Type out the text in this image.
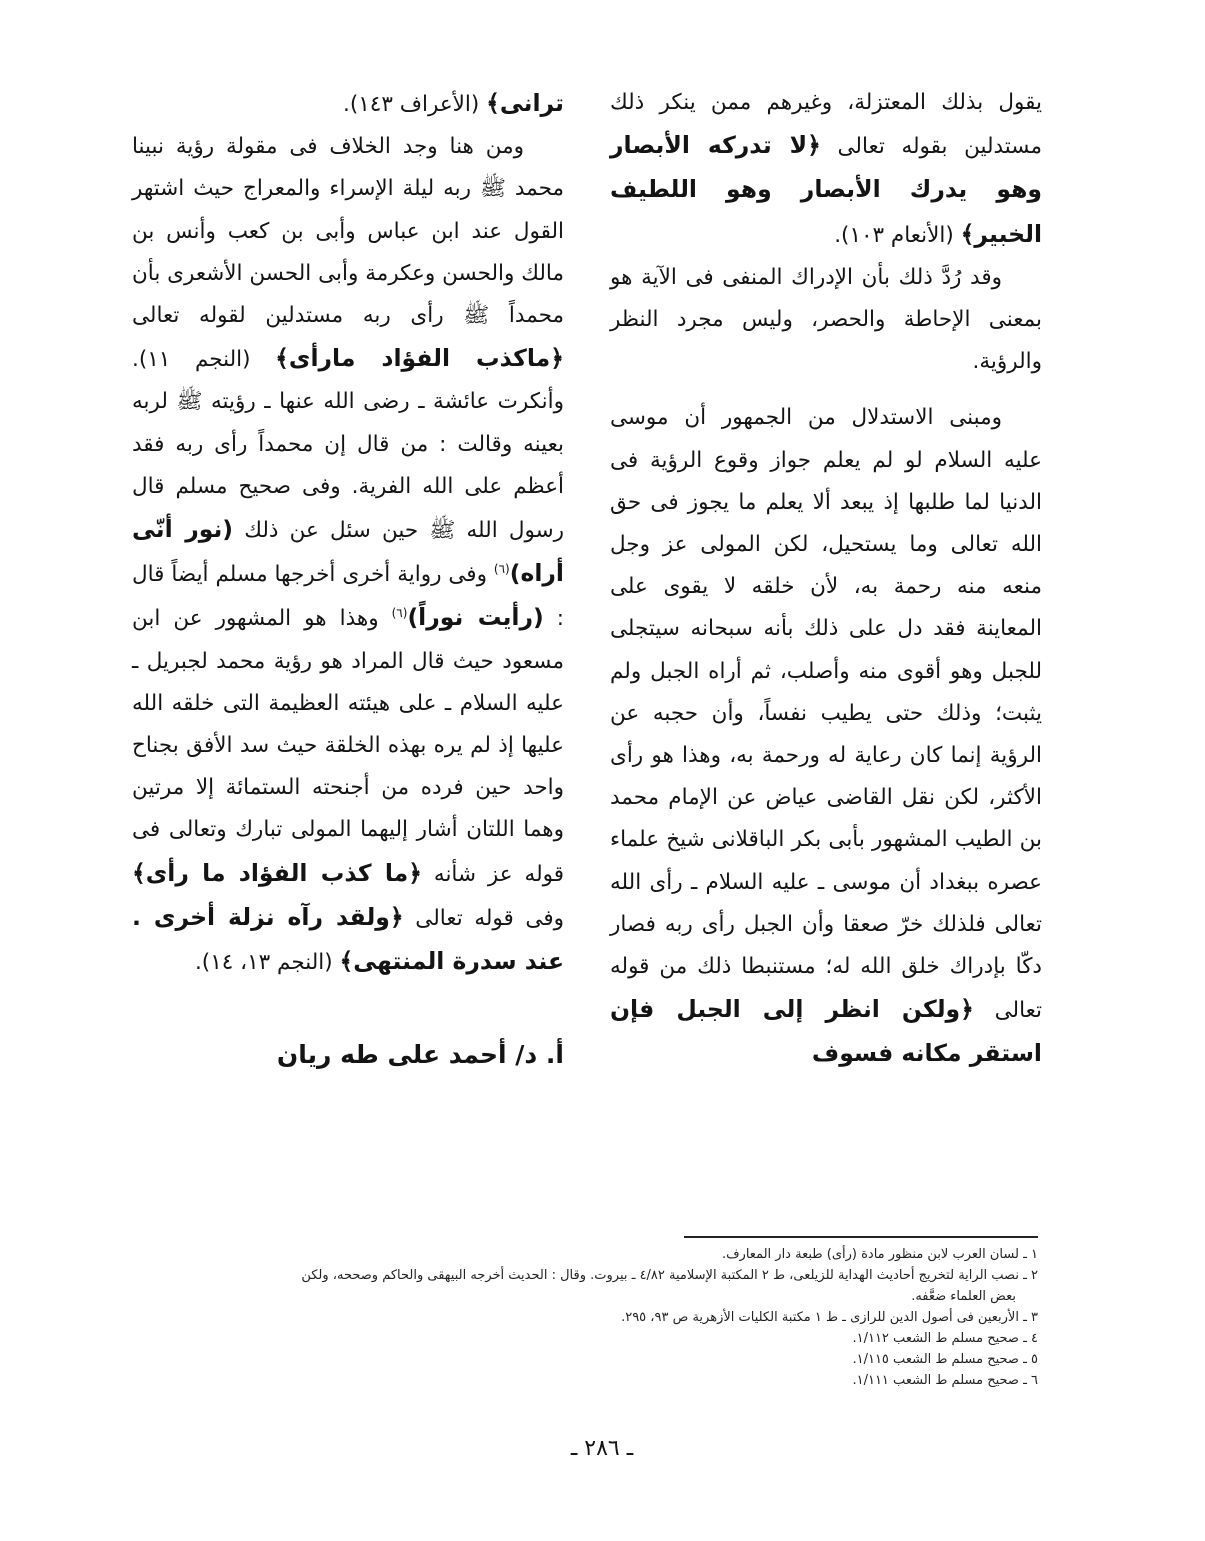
يقول بذلك المعتزلة، وغيرهم ممن ينكر ذلك مستدلين بقوله تعالى ﴿لا تدركه الأبصار وهو يدرك الأبصار وهو اللطيف الخبير﴾ (الأنعام ١٠٣).

وقد رُدَّ ذلك بأن الإدراك المنفى فى الآية هو بمعنى الإحاطة والحصر، وليس مجرد النظر والرؤية.

ومبنى الاستدلال من الجمهور أن موسى عليه السلام لو لم يعلم جواز وقوع الرؤية فى الدنيا لما طلبها إذ يبعد ألا يعلم ما يجوز فى حق الله تعالى وما يستحيل، لكن المولى عز وجل منعه منه رحمة به، لأن خلقه لا يقوى على المعاينة فقد دل على ذلك بأنه سبحانه سيتجلى للجبل وهو أقوى منه وأصلب، ثم أراه الجبل ولم يثبت؛ وذلك حتى يطيب نفساً، وأن حجبه عن الرؤية إنما كان رعاية له ورحمة به، وهذا هو رأى الأكثر، لكن نقل القاضى عياض عن الإمام محمد بن الطيب المشهور بأبى بكر الباقلانى شيخ علماء عصره ببغداد أن موسى ـ عليه السلام ـ رأى الله تعالى فلذلك خرّ صعقا وأن الجبل رأى ربه فصار دكّا بإدراك خلق الله له؛ مستنبطا ذلك من قوله تعالى ﴿ولكن انظر إلى الجبل فإن استقر مكانه فسوف

ترانى﴾ (الأعراف ١٤٣).

ومن هنا وجد الخلاف فى مقولة رؤية نبينا محمد ﷺ ربه ليلة الإسراء والمعراج حيث اشتهر القول عند ابن عباس وأبى بن كعب وأنس بن مالك والحسن وعكرمة وأبى الحسن الأشعرى بأن محمداً ﷺ رأى ربه مستدلين لقوله تعالى ﴿ماكذب الفؤاد مارأى﴾ (النجم ١١). وأنكرت عائشة ـ رضى الله عنها ـ رؤيته ﷺ لربه بعينه وقالت : من قال إن محمداً رأى ربه فقد أعظم على الله الفرية. وفى صحيح مسلم قال رسول الله ﷺ حين سئل عن ذلك (نور أنّى أراه)$^{(٦)}$ وفى رواية أخرى أخرجها مسلم أيضاً قال : (رأيت نوراً)$^{(٦)}$ وهذا هو المشهور عن ابن مسعود حيث قال المراد هو رؤية محمد لجبريل ـ عليه السلام ـ على هيئته العظيمة التى خلقه الله عليها إذ لم يره بهذه الخلقة حيث سد الأفق بجناح واحد حين فرده من أجنحته الستمائة إلا مرتين وهما اللتان أشار إليهما المولى تبارك وتعالى فى قوله عز شأنه ﴿ما كذب الفؤاد ما رأى﴾ وفى قوله تعالى ﴿ولقد رآه نزلة أخرى . عند سدرة المنتهى﴾ (النجم ١٣، ١٤).

أ. د/ أحمد على طه ريان

١ ـ لسان العرب لابن منظور مادة (رأى) طبعة دار المعارف.

٢ ـ نصب الراية لتخريج أحاديث الهداية للزيلعى، ط ٢ المكتبة الإسلامية ٤/٨٢ ـ بيروت. وقال : الحديث أخرجه البيهقى والحاكم وصححه، ولكن

بعض العلماء ضعَّفه.

٣ ـ الأربعين فى أصول الدين للرازى ـ ط ١ مكتبة الكليات الأزهرية ص ٩٣، ٢٩٥.

٤ ـ صحيح مسلم ط الشعب ١/١١٢.

٥ ـ صحيح مسلم ط الشعب ١/١١٥.

٦ ـ صحيح مسلم ط الشعب ١/١١١.

ـ ٢٨٦ ـ
